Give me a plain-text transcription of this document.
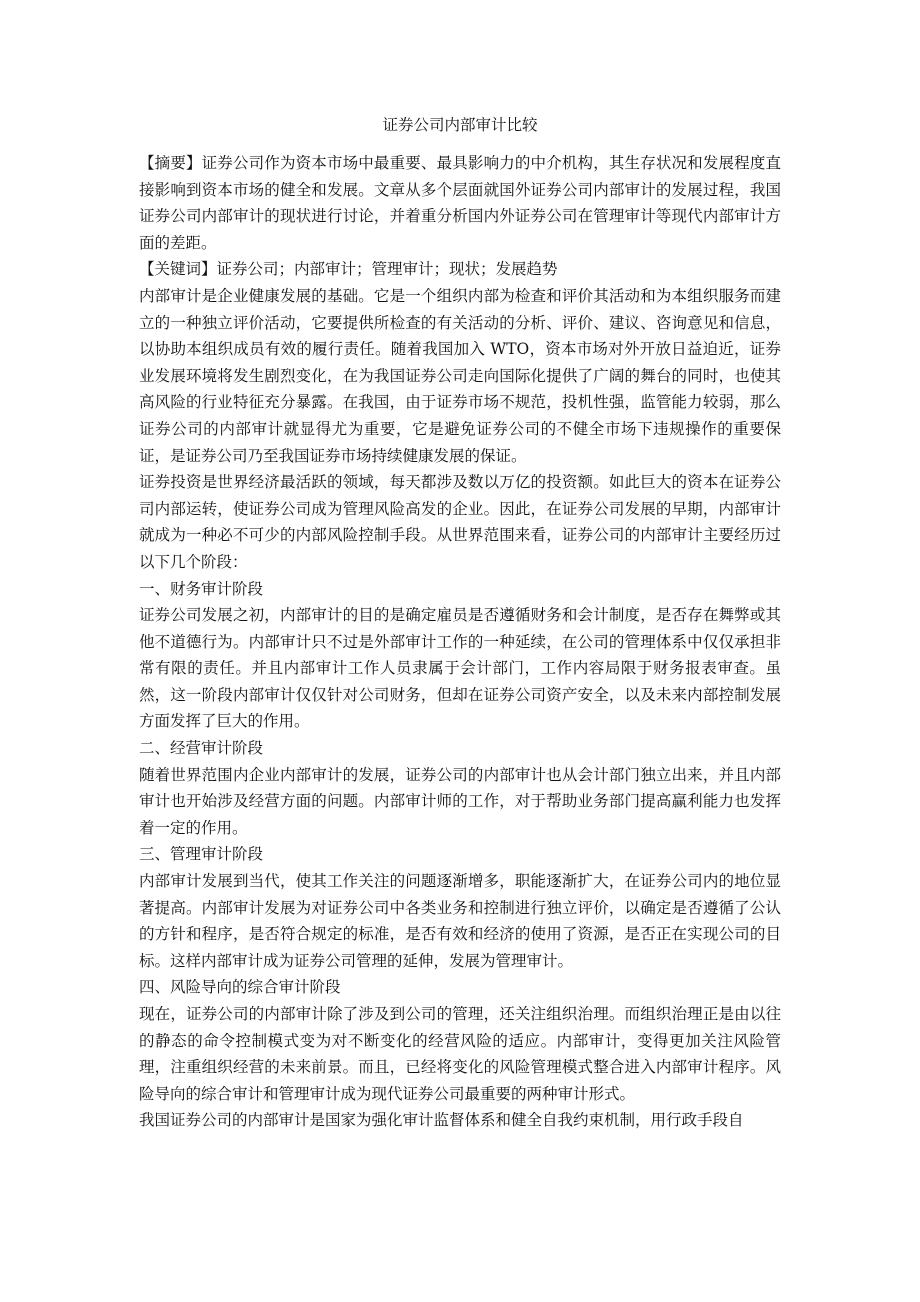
证券公司内部审计比较

【摘要】证券公司作为资本市场中最重要、最具影响力的中介机构，其生存状况和发展程度直接影响到资本市场的健全和发展。文章从多个层面就国外证券公司内部审计的发展过程，我国证券公司内部审计的现状进行讨论，并着重分析国内外证券公司在管理审计等现代内部审计方面的差距。

【关键词】证券公司；内部审计；管理审计；现状；发展趋势

内部审计是企业健康发展的基础。它是一个组织内部为检查和评价其活动和为本组织服务而建立的一种独立评价活动，它要提供所检查的有关活动的分析、评价、建议、咨询意见和信息，以协助本组织成员有效的履行责任。随着我国加入 WTO，资本市场对外开放日益迫近，证券业发展环境将发生剧烈变化，在为我国证券公司走向国际化提供了广阔的舞台的同时，也使其高风险的行业特征充分暴露。在我国，由于证券市场不规范，投机性强，监管能力较弱，那么证券公司的内部审计就显得尤为重要，它是避免证券公司的不健全市场下违规操作的重要保证，是证券公司乃至我国证券市场持续健康发展的保证。

证券投资是世界经济最活跃的领域，每天都涉及数以万亿的投资额。如此巨大的资本在证券公司内部运转，使证券公司成为管理风险高发的企业。因此，在证券公司发展的早期，内部审计就成为一种必不可少的内部风险控制手段。从世界范围来看，证券公司的内部审计主要经历过以下几个阶段：

一、财务审计阶段

证券公司发展之初，内部审计的目的是确定雇员是否遵循财务和会计制度，是否存在舞弊或其他不道德行为。内部审计只不过是外部审计工作的一种延续，在公司的管理体系中仅仅承担非常有限的责任。并且内部审计工作人员隶属于会计部门，工作内容局限于财务报表审查。虽然，这一阶段内部审计仅仅针对公司财务，但却在证券公司资产安全，以及未来内部控制发展方面发挥了巨大的作用。

二、经营审计阶段

随着世界范围内企业内部审计的发展，证券公司的内部审计也从会计部门独立出来，并且内部审计也开始涉及经营方面的问题。内部审计师的工作，对于帮助业务部门提高赢利能力也发挥着一定的作用。

三、管理审计阶段

内部审计发展到当代，使其工作关注的问题逐渐增多，职能逐渐扩大，在证券公司内的地位显著提高。内部审计发展为对证券公司中各类业务和控制进行独立评价，以确定是否遵循了公认的方针和程序，是否符合规定的标准，是否有效和经济的使用了资源，是否正在实现公司的目标。这样内部审计成为证券公司管理的延伸，发展为管理审计。

四、风险导向的综合审计阶段

现在，证券公司的内部审计除了涉及到公司的管理，还关注组织治理。而组织治理正是由以往的静态的命令控制模式变为对不断变化的经营风险的适应。内部审计，变得更加关注风险管理，注重组织经营的未来前景。而且，已经将变化的风险管理模式整合进入内部审计程序。风险导向的综合审计和管理审计成为现代证券公司最重要的两种审计形式。

我国证券公司的内部审计是国家为强化审计监督体系和健全自我约束机制，用行政手段自
